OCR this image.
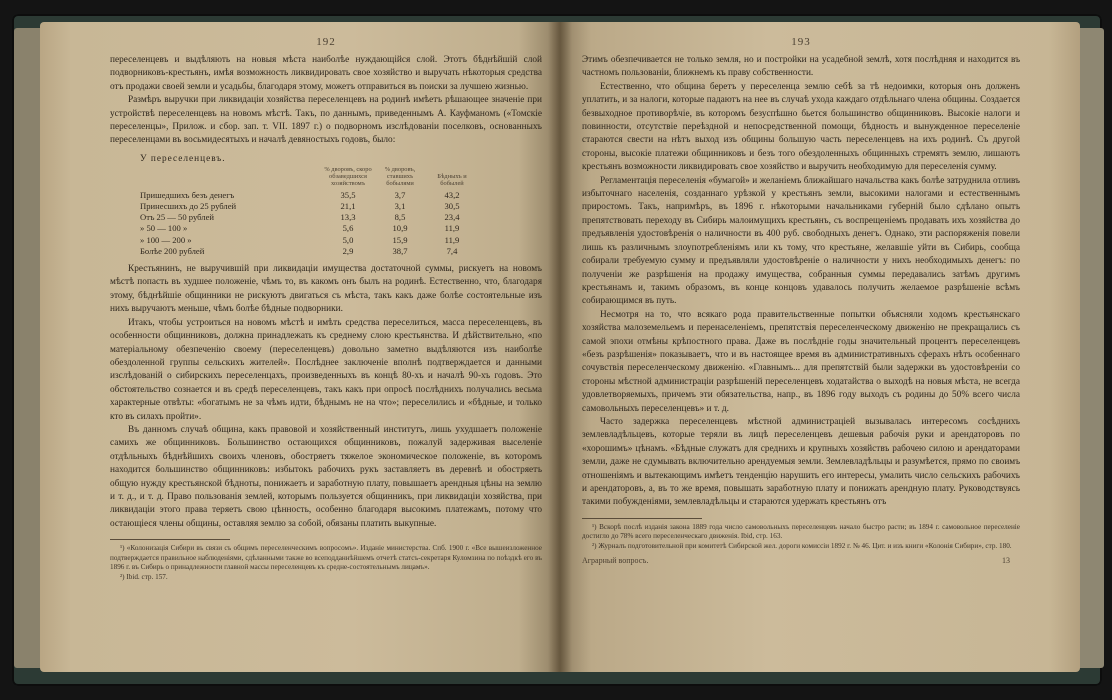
192

переселенцевъ и выдѣляють на новыя мѣста наиболѣе нуждающійся слой. Этотъ бѣднѣйшій слой подворниковъ-крестьянъ, имѣя возможность ликвидировать свое хозяйство и выручать нѣкоторыя средства отъ продажи своей земли и усадьбы, благодаря этому, можетъ отправиться въ поиски за лучшею жизнью.

Размѣръ выручки при ликвидаціи хозяйства переселенцевъ на родинѣ имѣетъ рѣшающее значеніе при устройствѣ переселенцевъ на новомъ мѣстѣ. Такъ, по даннымъ, приведеннымъ А. Кауфманомъ («Томскіе переселенцы», Прилож. и сбор. зап. т. VII. 1897 г.) о подворномъ изслѣдованіи поселковъ, основанныхъ переселенцами въ восьмидесятыхъ и началѣ девяностыхъ годовъ, было:

У переселенцевъ.
	% дворовъ, скоро обзаведшихся хозяйствомъ	% дворовъ, ставшихъ бобылями	Бѣдныхъ и бобылей
Пришедшихъ безъ денегъ	35,5	3,7	43,2
Принесшихъ до 25 рублей	21,1	3,1	30,5
Отъ 25 — 50 рублей	13,3	8,5	23,4
» 50 — 100 »	5,6	10,9	11,9
» 100 — 200 »	5,0	15,9	11,9
Болѣе 200 рублей	2,9	38,7	7,4

Крестьянинъ, не выручившій при ликвидаціи имущества достаточной суммы, рискуетъ на новомъ мѣстѣ попасть въ худшее положеніе, чѣмъ то, въ какомъ онъ былъ на родинѣ. Естественно, что, благодаря этому, бѣднѣйшіе общинники не рискуютъ двигаться съ мѣста, такъ какъ даже болѣе состоятельные изъ нихъ выручаютъ меньше, чѣмъ болѣе бѣдные подворники.

Итакъ, чтобы устроиться на новомъ мѣстѣ и имѣть средства переселиться, масса переселенцевъ, въ особенности общинниковъ, должна принадлежать къ среднему слою крестьянства. И дѣйствительно, «по матеріальному обезпеченію своему (переселенцевъ) довольно заметно выдѣляются изъ наиболѣе обездоленной группы сельскихъ жителей». Послѣднее заключеніе вполнѣ подтверждается и данными изслѣдованій о сибирскихъ переселенцахъ, произведенныхъ въ концѣ 80-хъ и началѣ 90-хъ годовъ. Это обстоятельство сознается и въ средѣ переселенцевъ, такъ какъ при опросѣ послѣднихъ получались весьма характерные отвѣты: «богатымъ не за чѣмъ идти, бѣднымъ не на что»; переселились и «бѣдные, и только кто въ силахъ пройти».

Въ данномъ случаѣ община, какъ правовой и хозяйственный институтъ, лишь ухудшаетъ положеніе самихъ же общинниковъ. Большинство остающихся общинниковъ, пожалуй задерживая выселеніе отдѣльныхъ бѣднѣйшихъ своихъ членовъ, обостряетъ тяжелое экономическое положеніе, въ которомъ находится большинство общинниковъ: избытокъ рабочихъ рукъ заставляетъ въ деревнѣ и обостряетъ общую нужду крестьянской бѣдноты, понижаетъ и заработную плату, повышаетъ арендныя цѣны на землю и т. д., и т. д. Право пользованія землей, которымъ пользуется общинникъ, при ликвидаціи хозяйства, при ликвидаціи этого права теряетъ свою цѣнность, особенно благодаря высокимъ платежамъ, потому что остающіеся члены общины, оставляя землю за собой, обязаны платить выкупные.

¹) «Колонизація Сибири въ связи съ общимъ переселенческимъ вопросомъ». Изданіе министерства. Спб. 1900 г. «Все вышеизложенное подтверждается правильное наблюденіями, сдѣланными также во всеподданнѣйшемъ отчетѣ статсъ-секретаря Куломзина по поѣздкѣ его въ 1896 г. въ Сибирь о принадлежности главной массы переселенцевъ къ средне-состоятельнымъ лицамъ».

²) Ibid. стр. 157.

193

Этимъ обезпечивается не только земля, но и постройки на усадебной землѣ, хотя послѣдняя и находится въ частномъ пользованіи, ближнемъ къ праву собственности.

Естественно, что община беретъ у переселенца землю себѣ за тѣ недоимки, которыя онъ долженъ уплатить, и за налоги, которые падаютъ на нее въ случаѣ ухода каждаго отдѣльнаго члена общины. Создается безвыходное противорѣчіе, въ которомъ безуспѣшно бьется большинство общинниковъ. Высокіе налоги и повинности, отсутствіе переѣздной и непосредственной помощи, бѣдность и вынужденное переселеніе стараются свести на нѣтъ выход изъ общины большую часть переселенцевъ на ихъ родинѣ. Съ другой стороны, высокіе платежи общинниковъ и безъ того обездоленныхъ общинныхъ стремятъ землю, лишаютъ крестьянъ возможности ликвидировать свое хозяйство и выручить необходимую для переселенія сумму.

Регламентація переселенія «бумагой» и желаніемъ ближайшаго начальства какъ болѣе затруднила отливъ избыточнаго населенія, созданнаго урѣзкой у крестьянъ земли, высокими налогами и естественнымъ приростомъ. Такъ, напримѣръ, въ 1896 г. нѣкоторыми начальниками губерній было сдѣлано опытъ препятствовать переходу въ Сибирь малоимущихъ крестьянъ, съ воспрещеніемъ продавать ихъ хозяйства до предъявленія удостовѣренія о наличности въ 400 руб. свободныхъ денегъ. Однако, эти распоряженія повели лишь къ различнымъ злоупотребленіямъ или къ тому, что крестьяне, желавшіе уйти въ Сибирь, сообща собирали требуемую сумму и предъявляли удостовѣреніе о наличности у нихъ необходимыхъ денегъ: по полученіи же разрѣшенія на продажу имущества, собранныя суммы передавались затѣмъ другимъ крестьянамъ и, такимъ образомъ, въ конце концовъ удавалось получить желаемое разрѣшеніе всѣмъ собирающимся въ путь.

Несмотря на то, что всякаго рода правительственные попытки объясняли ходомъ крестьянскаго хозяйства малоземельемъ и перенаселеніемъ, препятствія переселенческому движенію не прекращались съ самой эпохи отмѣны крѣпостного права. Даже въ послѣдніе годы значительный процентъ переселенцевъ «безъ разрѣшенія» показываетъ, что и въ настоящее время въ административныхъ сферахъ нѣтъ особеннаго сочувствія переселенческому движенію. «Главнымъ... для препятствій были задержки въ удостовѣреніи со стороны мѣстной администраціи разрѣшеній переселенцевъ ходатайства о выходѣ на новыя мѣста, не всегда удовлетворяемыхъ, причемъ эти обязательства, напр., въ 1896 году выходъ съ родины до 50% всего числа самовольныхъ переселенцевъ» и т. д.

Часто задержка переселенцевъ мѣстной администраціей вызывалась интересомъ сосѣднихъ землевладѣльцевъ, которые теряли въ лицѣ переселенцевъ дешевыя рабочія руки и арендаторовъ по «хорошимъ» цѣнамъ. «Бѣдные служатъ для среднихъ и крупныхъ хозяйствъ рабочею силою и арендаторами земли, даже не сдумывать включительно арендуемыя земли. Землевладѣльцы и разумѣется, прямо по своимъ отношеніямъ и вытекающимъ имѣетъ тенденцію нарушить его интересы, умалить число сельскихъ рабочихъ и арендаторовъ, а, въ то же время, повышать заработную плату и понижать арендную плату. Руководствуясь такими побужденіями, землевладѣльцы и стараются удержать крестьянъ отъ

¹) Вскорѣ послѣ изданія закона 1889 года число самовольныхъ переселенцевъ начало быстро расти; въ 1894 г. самовольное переселеніе достигло до 78% всего переселенческаго движенія. Ibid, стр. 163.

²) Журналъ подготовительной при комитетѣ Сибирской жел. дороги комиссіи 1892 г. № 46. Цит. и изъ книги «Колонія Сибири», стр. 180.

Аграрный вопросъ.	13
